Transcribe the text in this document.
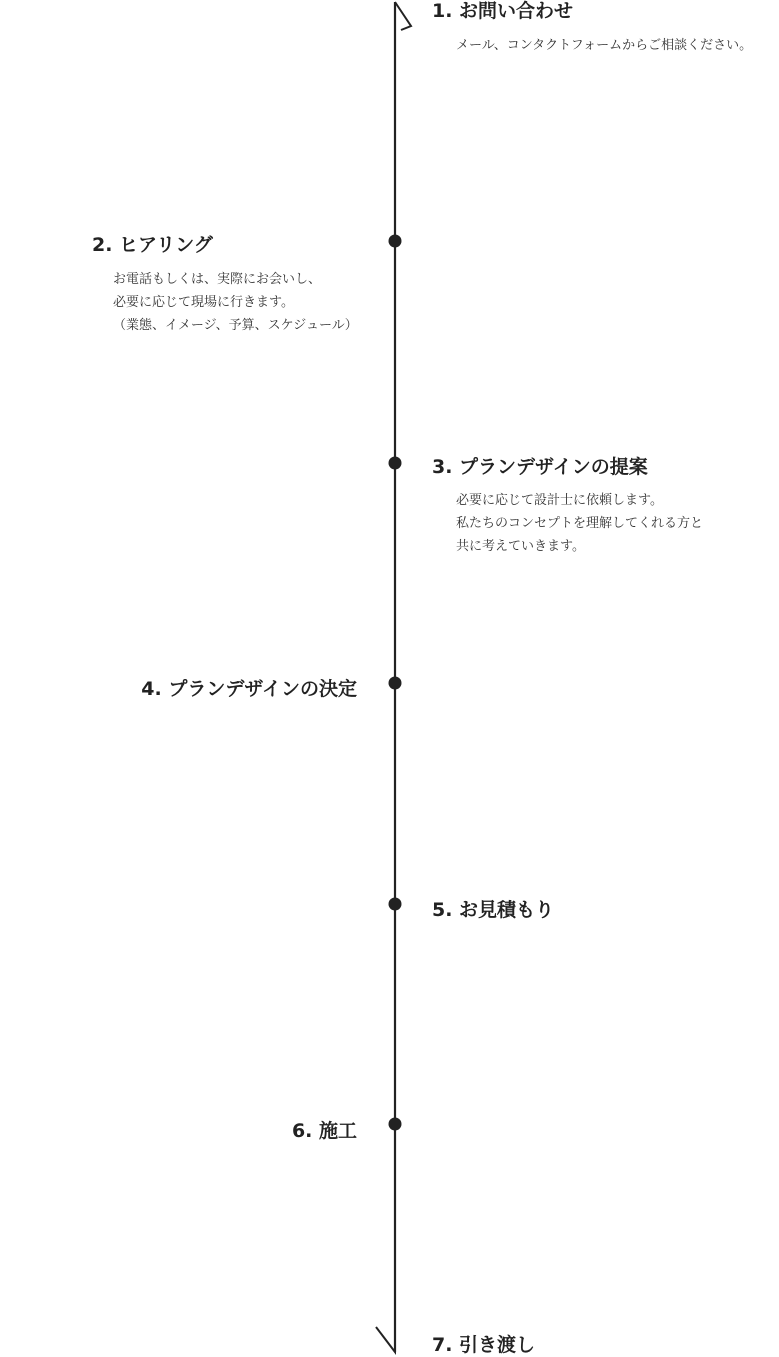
1. お問い合わせ

メール、コンタクトフォームからご相談ください。

2. ヒアリング

お電話もしくは、実際にお会いし、
必要に応じて現場に行きます。
（業態、イメージ、予算、スケジュール）

3. プランデザインの提案

必要に応じて設計士に依頼します。
私たちのコンセプトを理解してくれる方と
共に考えていきます。

4. プランデザインの決定

5. お見積もり

6. 施工

7. 引き渡し
